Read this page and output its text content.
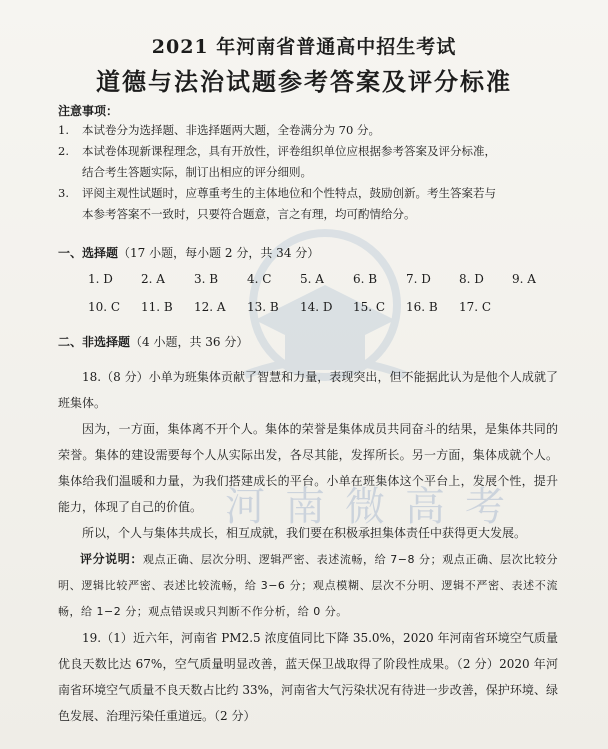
河南微高考
2021 年河南省普通高中招生考试
道德与法治试题参考答案及评分标准
注意事项：
1. 本试卷分为选择题、非选择题两大题，全卷满分为 70 分。
2. 本试卷体现新课程理念，具有开放性，评卷组织单位应根据参考答案及评分标准，
结合考生答题实际，制订出相应的评分细则。
3. 评阅主观性试题时，应尊重考生的主体地位和个性特点，鼓励创新。考生答案若与
本参考答案不一致时，只要符合题意，言之有理，均可酌情给分。
一、选择题（17 小题，每小题 2 分，共 34 分）
1. D 2. A 3. B 4. C 5. A 6. B 7. D 8. D 9. A
10. C 11. B 12. A 13. B 14. D 15. C 16. B 17. C
二、非选择题（4 小题，共 36 分）

18.（8 分）小单为班集体贡献了智慧和力量，表现突出，但不能据此认为是他个人成就了班集体。

因为，一方面，集体离不开个人。集体的荣誉是集体成员共同奋斗的结果，是集体共同的荣誉。集体的建设需要每个人从实际出发，各尽其能，发挥所长。另一方面，集体成就个人。集体给我们温暖和力量，为我们搭建成长的平台。小单在班集体这个平台上，发展个性，提升能力，体现了自己的价值。

所以，个人与集体共成长，相互成就，我们要在积极承担集体责任中获得更大发展。

评分说明：观点正确、层次分明、逻辑严密、表述流畅，给 7−8 分；观点正确、层次比较分明、逻辑比较严密、表述比较流畅，给 3−6 分；观点模糊、层次不分明、逻辑不严密、表述不流畅，给 1−2 分；观点错误或只判断不作分析，给 0 分。

19.（1）近六年，河南省 PM2.5 浓度值同比下降 35.0%，2020 年河南省环境空气质量优良天数比达 67%，空气质量明显改善，蓝天保卫战取得了阶段性成果。（2 分）2020 年河南省环境空气质量不良天数占比约 33%，河南省大气污染状况有待进一步改善，保护环境、绿色发展、治理污染任重道远。（2 分）
